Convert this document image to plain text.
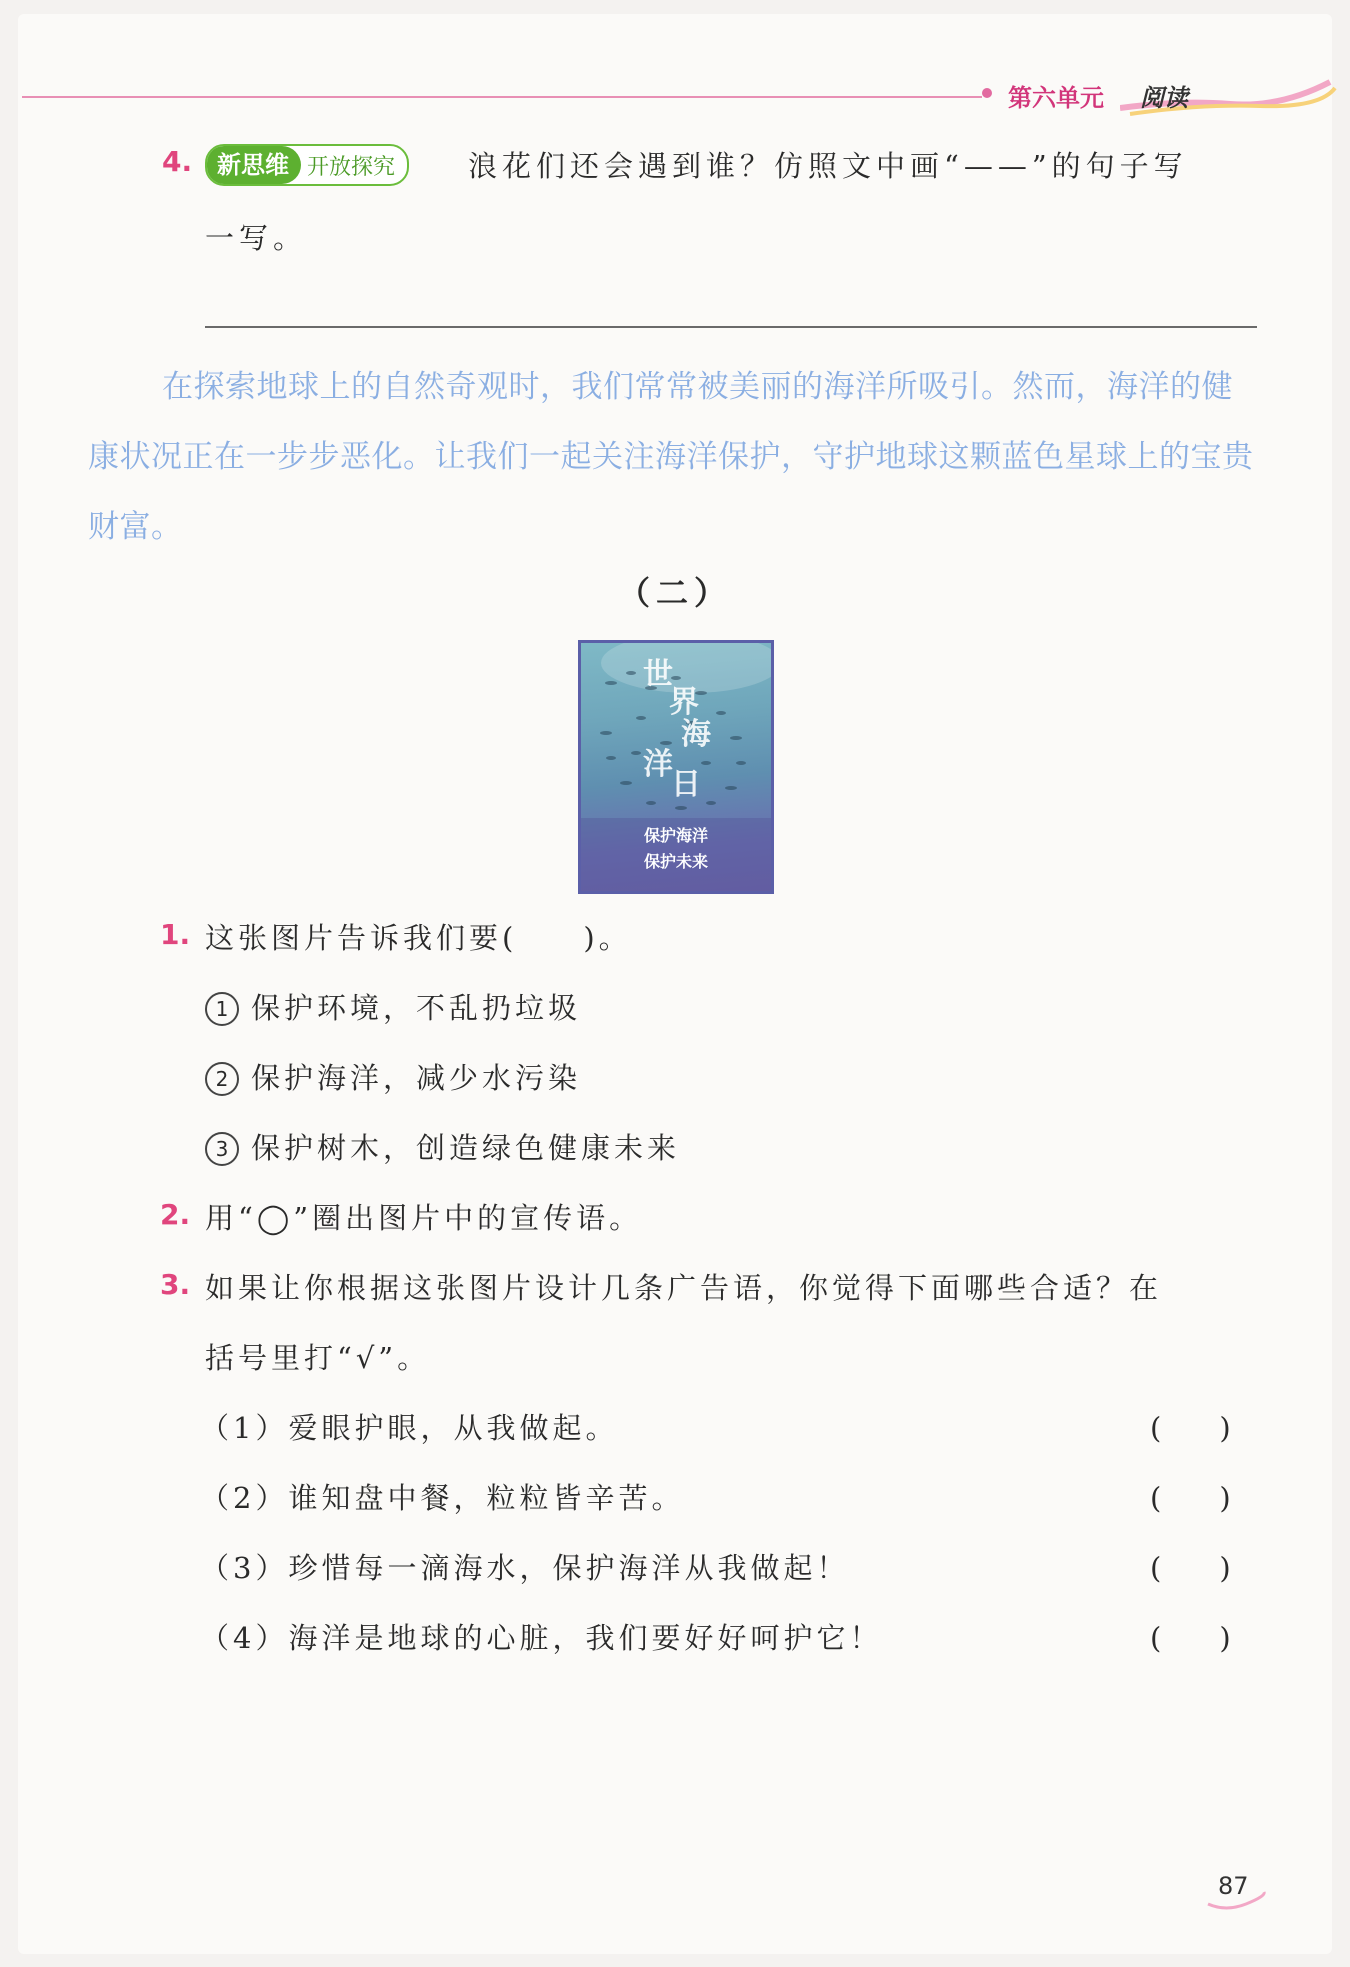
第六单元 阅读
4.	新思维 开放探究	浪花们还会遇到谁？仿照文中画“——”的句子写
一写。
在探索地球上的自然奇观时，我们常常被美丽的海洋所吸引。然而，海洋的健康状况正在一步步恶化。让我们一起关注海洋保护，守护地球这颗蓝色星球上的宝贵财富。
（二）
世
界
海
洋
日
保护海洋
保护未来
1. 这张图片告诉我们要(　　)。
1 保护环境，不乱扔垃圾
2 保护海洋，减少水污染
3 保护树木，创造绿色健康未来
2. 用“◯”圈出图片中的宣传语。
3. 如果让你根据这张图片设计几条广告语，你觉得下面哪些合适？在
括号里打“√”。
（1）爱眼护眼，从我做起。	(　　)
（2）谁知盘中餐，粒粒皆辛苦。	(　　)
（3）珍惜每一滴海水，保护海洋从我做起！	(　　)
（4）海洋是地球的心脏，我们要好好呵护它！	(　　)
87
